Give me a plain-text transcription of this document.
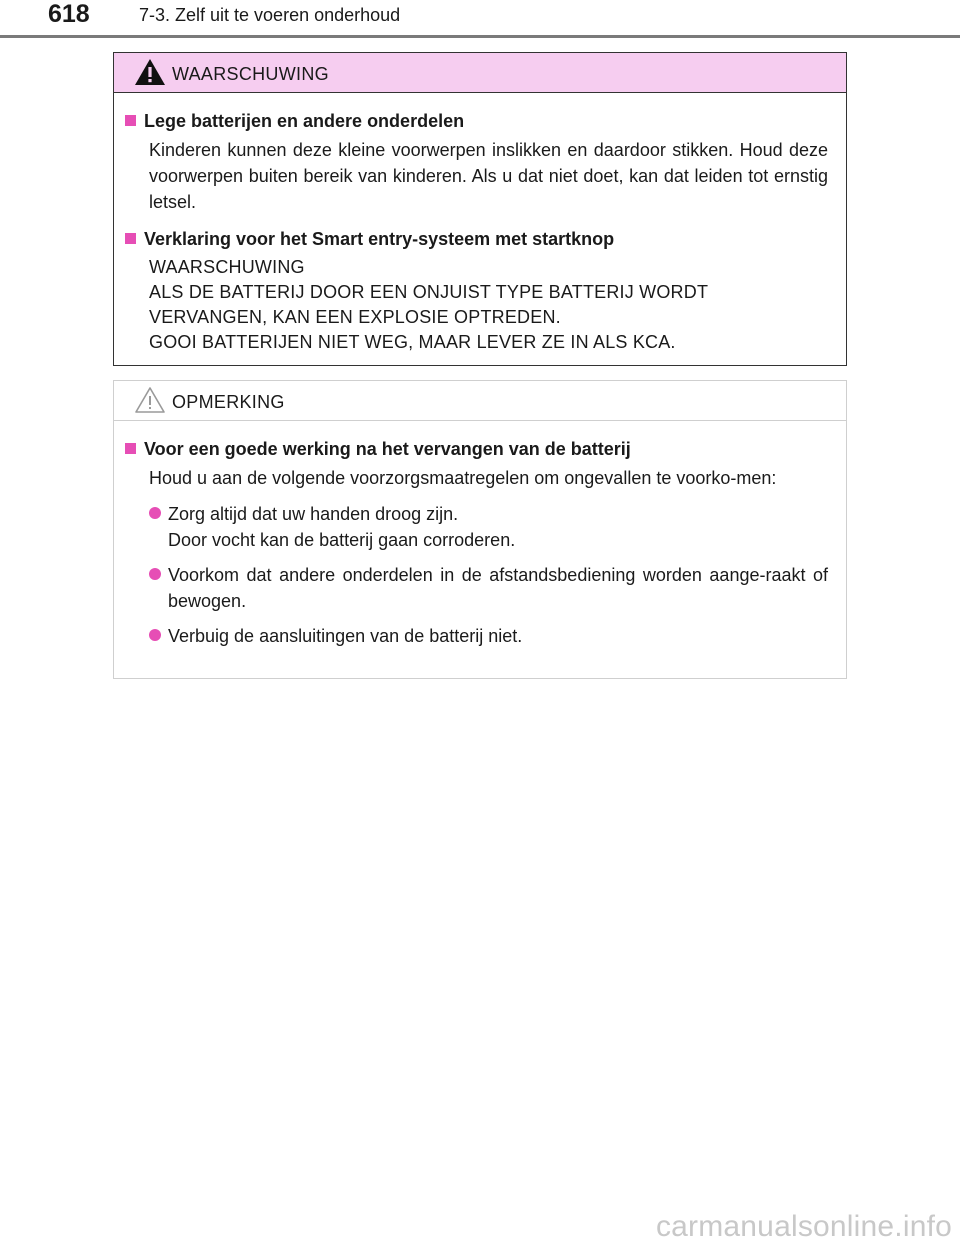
618	7-3. Zelf uit te voeren onderhoud
WAARSCHUWING
Lege batterijen en andere onderdelen
Kinderen kunnen deze kleine voorwerpen inslikken en daardoor stikken. Houd deze voorwerpen buiten bereik van kinderen. Als u dat niet doet, kan dat leiden tot ernstig letsel.
Verklaring voor het Smart entry-systeem met startknop
WAARSCHUWING
ALS DE BATTERIJ DOOR EEN ONJUIST TYPE BATTERIJ WORDT
VERVANGEN, KAN EEN EXPLOSIE OPTREDEN.
GOOI BATTERIJEN NIET WEG, MAAR LEVER ZE IN ALS KCA.
OPMERKING
Voor een goede werking na het vervangen van de batterij
Houd u aan de volgende voorzorgsmaatregelen om ongevallen te voorko-men:
Zorg altijd dat uw handen droog zijn.
Door vocht kan de batterij gaan corroderen.
Voorkom dat andere onderdelen in de afstandsbediening worden aange-raakt of bewogen.
Verbuig de aansluitingen van de batterij niet.
carmanualsonline.info
